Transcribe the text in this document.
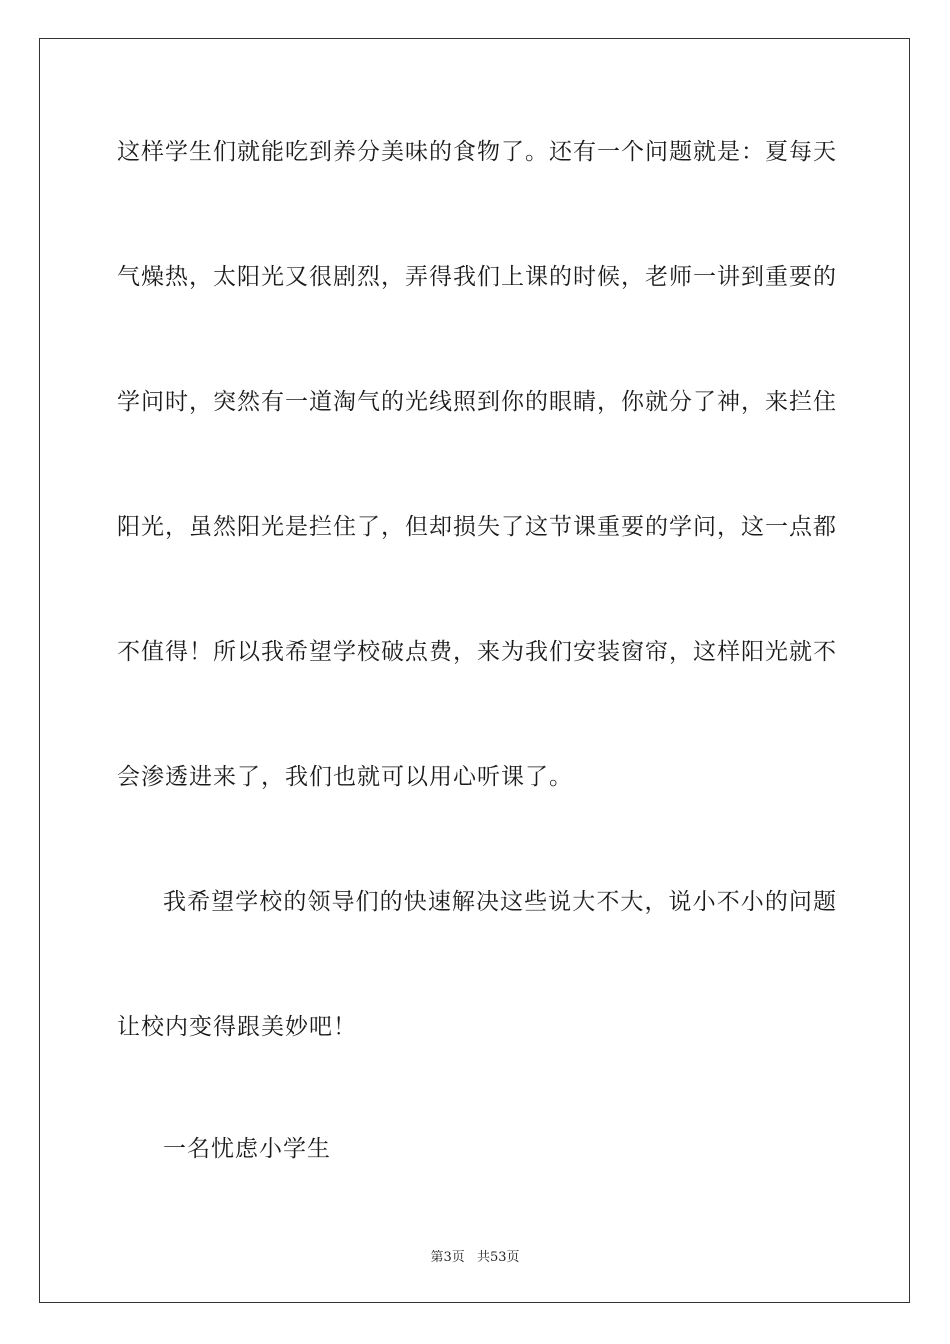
这样学生们就能吃到养分美味的食物了。还有一个问题就是：夏每天
气燥热，太阳光又很剧烈，弄得我们上课的时候，老师一讲到重要的
学问时，突然有一道淘气的光线照到你的眼睛，你就分了神，来拦住
阳光，虽然阳光是拦住了，但却损失了这节课重要的学问，这一点都
不值得！所以我希望学校破点费，来为我们安装窗帘，这样阳光就不
会渗透进来了，我们也就可以用心听课了。
我希望学校的领导们的快速解决这些说大不大，说小不小的问题
让校内变得跟美妙吧！
一名忧虑小学生
第3页 共53页
